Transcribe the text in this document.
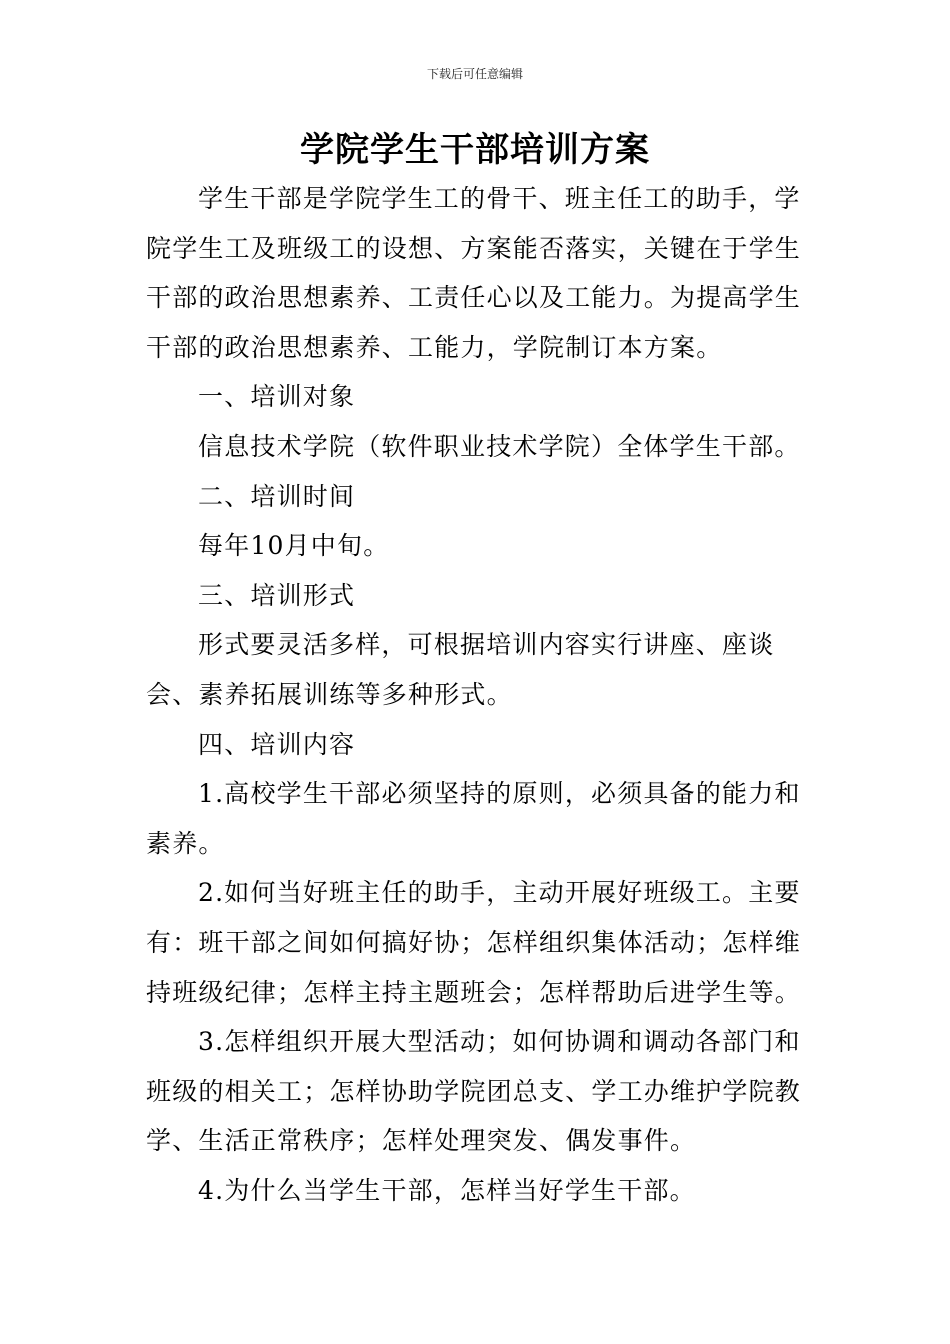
下载后可任意编辑
学院学生干部培训方案

学生干部是学院学生工的骨干、班主任工的助手，学院学生工及班级工的设想、方案能否落实，关键在于学生干部的政治思想素养、工责任心以及工能力。为提高学生干部的政治思想素养、工能力，学院制订本方案。

一、培训对象

信息技术学院（软件职业技术学院）全体学生干部。

二、培训时间

每年10月中旬。

三、培训形式

形式要灵活多样，可根据培训内容实行讲座、座谈会、素养拓展训练等多种形式。

四、培训内容

1.高校学生干部必须坚持的原则，必须具备的能力和素养。

2.如何当好班主任的助手，主动开展好班级工。主要有：班干部之间如何搞好协；怎样组织集体活动；怎样维持班级纪律；怎样主持主题班会；怎样帮助后进学生等。

3.怎样组织开展大型活动；如何协调和调动各部门和班级的相关工；怎样协助学院团总支、学工办维护学院教学、生活正常秩序；怎样处理突发、偶发事件。

4.为什么当学生干部，怎样当好学生干部。
